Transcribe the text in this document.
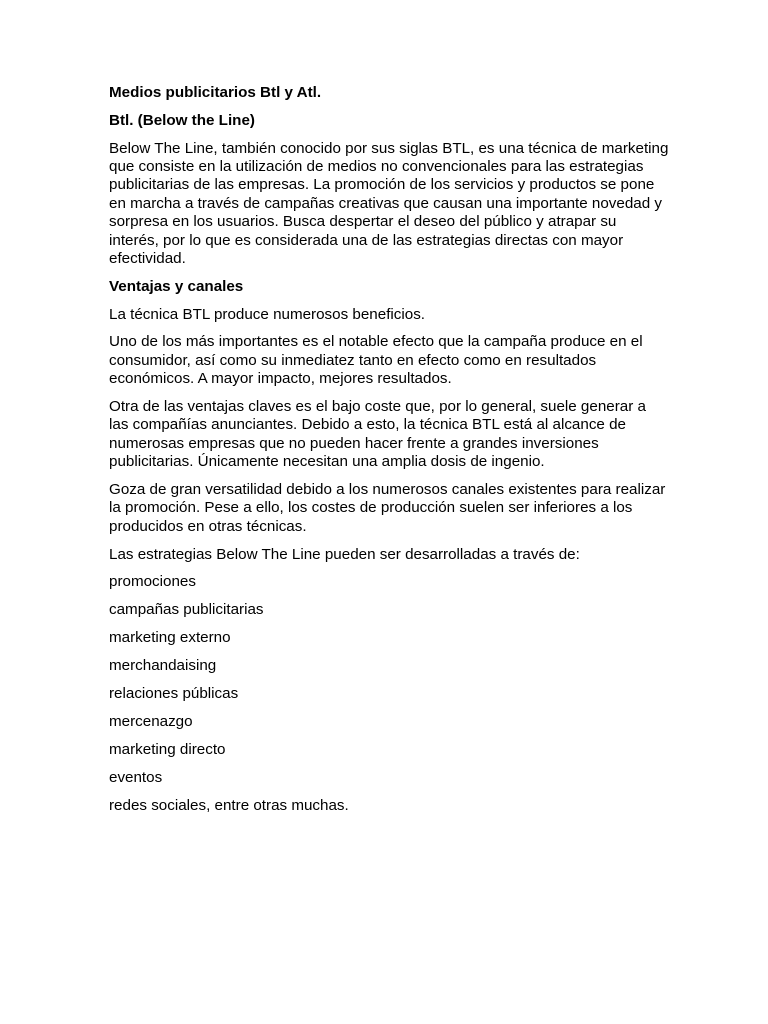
Medios publicitarios Btl y Atl.
Btl. (Below the Line)

Below The Line, también conocido por sus siglas BTL, es una técnica de marketing que consiste en la utilización de medios no convencionales para las estrategias publicitarias de las empresas. La promoción de los servicios y productos se pone en marcha a través de campañas creativas que causan una importante novedad y sorpresa en los usuarios. Busca despertar el deseo del público y atrapar su interés, por lo que es considerada una de las estrategias directas con mayor efectividad.

Ventajas y canales

La técnica BTL produce numerosos beneficios.

Uno de los más importantes es el notable efecto que la campaña produce en el consumidor, así como su inmediatez tanto en efecto como en resultados económicos. A mayor impacto, mejores resultados.

Otra de las ventajas claves es el bajo coste que, por lo general, suele generar a las compañías anunciantes. Debido a esto, la técnica BTL está al alcance de numerosas empresas que no pueden hacer frente a grandes inversiones publicitarias. Únicamente necesitan una amplia dosis de ingenio.

Goza de gran versatilidad debido a los numerosos canales existentes para realizar la promoción. Pese a ello, los costes de producción suelen ser inferiores a los producidos en otras técnicas.

Las estrategias Below The Line pueden ser desarrolladas a través de:

promociones
campañas publicitarias
marketing externo
merchandaising
relaciones públicas
mercenazgo
marketing directo
eventos
redes sociales, entre otras muchas.
